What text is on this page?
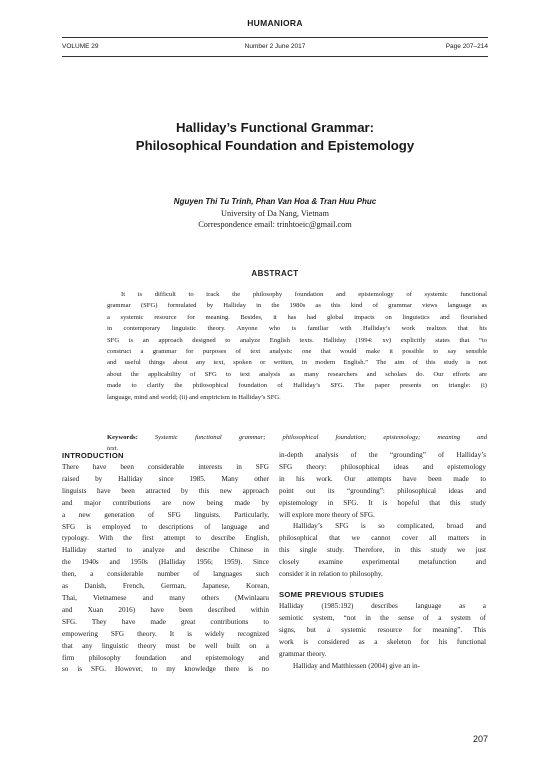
HUMANIORA
VOLUME 29	Number 2 June 2017	Page 207–214
Halliday’s Functional Grammar:
Philosophical Foundation and Epistemology
Nguyen Thi Tu Trinh, Phan Van Hoa & Tran Huu Phuc
University of Da Nang, Vietnam
Correspondence email: trinhtoeic@gmail.com
ABSTRACT
It is difficult to track the philosophy foundation and epistemology of systemic functional
grammar (SFG) formulated by Halliday in the 1980s as this kind of grammar views language as
a systemic resource for meaning. Besides, it has had global impacts on linguistics and flourished
in contemporary linguistic theory. Anyone who is familiar with Halliday’s work realizes that his
SFG is an approach designed to analyze English texts. Halliday (1994: xv) explicitly states that “to
construct a grammar for purposes of text analysis: one that would make it possible to say sensible
and useful things about any text, spoken or written, in modern English.” The aim of this study is not
about the applicability of SFG to text analysis as many researchers and scholars do. Our efforts are
made to clarify the philosophical foundation of Halliday’s SFG. The paper presents on triangle: (i)
language, mind and world; (ii) and empiricism in Halliday’s SFG.
Keywords:	Systemic functional grammar; philosophical foundation; epistemology; meaning and
text.
INTRODUCTION
There have been considerable interests in SFG
raised by Halliday since 1985. Many other
linguists have been attracted by this new approach
and major contributions are now being made by
a new generation of SFG linguists. Particularly,
SFG is employed to descriptions of language and
typology. With the first attempt to describe English,
Halliday started to analyze and describe Chinese in
the 1940s and 1950s (Halliday 1956; 1959). Since
then, a considerable number of languages such
as Danish, French, German, Japanese, Korean,
Thai, Vietnamese and many others (Mwinlaaru
and Xuan 2016) have been described within
SFG. They have made great contributions to
empowering SFG theory. It is widely recognized
that any linguistic theory must be well built on a
firm philosophy foundation and epistemology and
so is SFG. However, to my knowledge there is no
in-depth analysis of the “grounding” of Halliday’s
SFG theory: philosophical ideas and epistemology
in his work. Our attempts have been made to
point out its “grounding”: philosophical ideas and
epistemology in SFG. It is hopeful that this study
will explore more theory of SFG.
Halliday’s SFG is so complicated, broad and
philosophical that we cannot cover all matters in
this single study. Therefore, in this study we just
closely examine experimental metafunction and
consider it in relation to philosophy.
SOME PREVIOUS STUDIES
Halliday (1985:192) describes language as a
semiotic system, “not in the sense of a system of
signs, but a systemic resource for meaning”. This
work is considered as a skeleton for his functional
grammar theory.
Halliday and Matthiessen (2004) give an in-
207
